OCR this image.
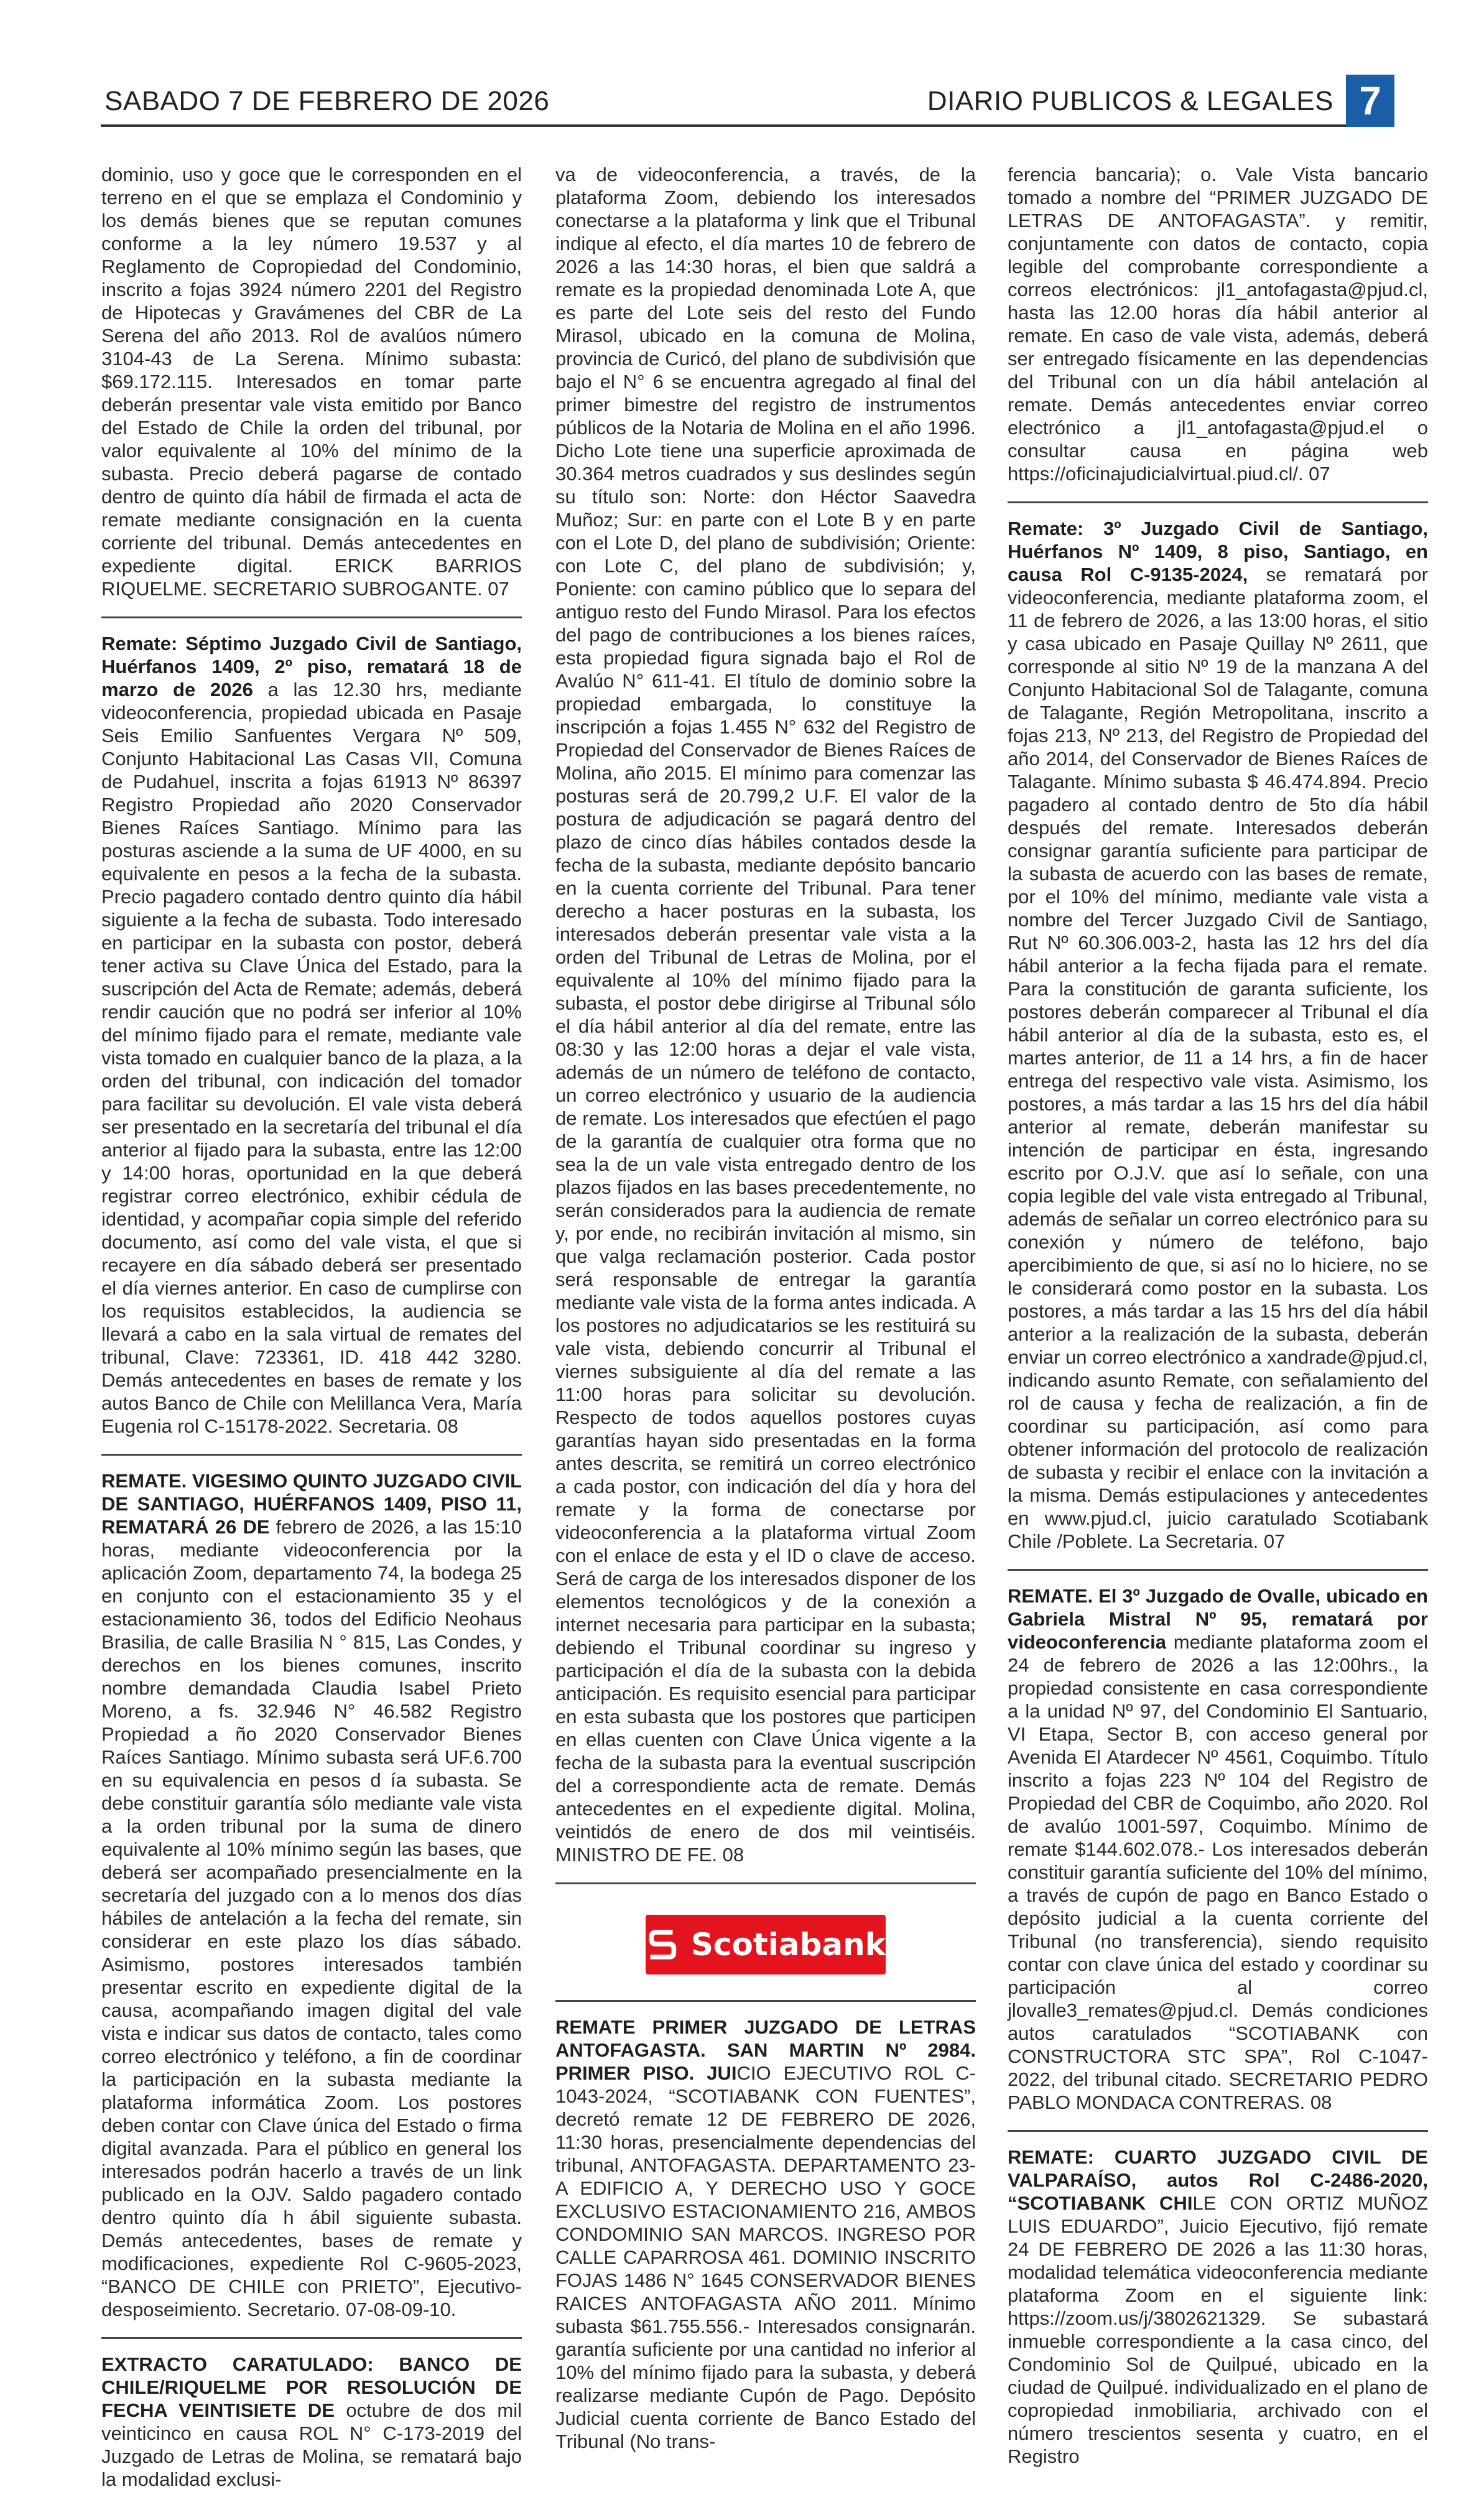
SABADO 7 DE FEBRERO DE 2026	DIARIO PUBLICOS & LEGALES 7

dominio, uso y goce que le corresponden en el terreno en el que se emplaza el Condominio y los demás bienes que se reputan comunes conforme a la ley número 19.537 y al Reglamento de Copropiedad del Condominio, inscrito a fojas 3924 número 2201 del Registro de Hipotecas y Gravámenes del CBR de La Serena del año 2013. Rol de avalúos número 3104-43 de La Serena. Mínimo subasta: $69.172.115. Interesados en tomar parte deberán presentar vale vista emitido por Banco del Estado de Chile la orden del tribunal, por valor equivalente al 10% del mínimo de la subasta. Precio deberá pagarse de contado dentro de quinto día hábil de firmada el acta de remate mediante consignación en la cuenta corriente del tribunal. Demás antecedentes en expediente digital. ERICK BARRIOS RIQUELME. SECRETARIO SUBROGANTE. 07

Remate: Séptimo Juzgado Civil de Santiago, Huérfanos 1409, 2º piso, rematará 18 de marzo de 2026 a las 12.30 hrs, mediante videoconferencia, propiedad ubicada en Pasaje Seis Emilio Sanfuentes Vergara Nº 509, Conjunto Habitacional Las Casas VII, Comuna de Pudahuel, inscrita a fojas 61913 Nº 86397 Registro Propiedad año 2020 Conservador Bienes Raíces Santiago. Mínimo para las posturas asciende a la suma de UF 4000, en su equivalente en pesos a la fecha de la subasta. Precio pagadero contado dentro quinto día hábil siguiente a la fecha de subasta. Todo interesado en participar en la subasta con postor, deberá tener activa su Clave Única del Estado, para la suscripción del Acta de Remate; además, deberá rendir caución que no podrá ser inferior al 10% del mínimo fijado para el remate, mediante vale vista tomado en cualquier banco de la plaza, a la orden del tribunal, con indicación del tomador para facilitar su devolución. El vale vista deberá ser presentado en la secretaría del tribunal el día anterior al fijado para la subasta, entre las 12:00 y 14:00 horas, oportunidad en la que deberá registrar correo electrónico, exhibir cédula de identidad, y acompañar copia simple del referido documento, así como del vale vista, el que si recayere en día sábado deberá ser presentado el día viernes anterior. En caso de cumplirse con los requisitos establecidos, la audiencia se llevará a cabo en la sala virtual de remates del tribunal, Clave: 723361, ID. 418 442 3280. Demás antecedentes en bases de remate y los autos Banco de Chile con Melillanca Vera, María Eugenia rol C-15178-2022. Secretaria. 08

REMATE. VIGESIMO QUINTO JUZGADO CIVIL DE SANTIAGO, HUÉRFANOS 1409, PISO 11, REMATARÁ 26 DE febrero de 2026, a las 15:10 horas, mediante videoconferencia por la aplicación Zoom, departamento 74, la bodega 25 en conjunto con el estacionamiento 35 y el estacionamiento 36, todos del Edificio Neohaus Brasilia, de calle Brasilia N ° 815, Las Condes, y derechos en los bienes comunes, inscrito nombre demandada Claudia Isabel Prieto Moreno, a fs. 32.946 N° 46.582 Registro Propiedad a ño 2020 Conservador Bienes Raíces Santiago. Mínimo subasta será UF.6.700 en su equivalencia en pesos d ía subasta. Se debe constituir garantía sólo mediante vale vista a la orden tribunal por la suma de dinero equivalente al 10% mínimo según las bases, que deberá ser acompañado presencialmente en la secretaría del juzgado con a lo menos dos días hábiles de antelación a la fecha del remate, sin considerar en este plazo los días sábado. Asimismo, postores interesados también presentar escrito en expediente digital de la causa, acompañando imagen digital del vale vista e indicar sus datos de contacto, tales como correo electrónico y teléfono, a fin de coordinar la participación en la subasta mediante la plataforma informática Zoom. Los postores deben contar con Clave única del Estado o firma digital avanzada. Para el público en general los interesados podrán hacerlo a través de un link publicado en la OJV. Saldo pagadero contado dentro quinto día h ábil siguiente subasta. Demás antecedentes, bases de remate y modificaciones, expediente Rol C-9605-2023, “BANCO DE CHILE con PRIETO”, Ejecutivo-desposeimiento. Secretario. 07-08-09-10.

EXTRACTO CARATULADO: BANCO DE CHILE/RIQUELME POR RESOLUCIÓN DE FECHA VEINTISIETE DE octubre de dos mil veinticinco en causa ROL N° C-173-2019 del Juzgado de Letras de Molina, se rematará bajo la modalidad exclusi-

va de videoconferencia, a través, de la plataforma Zoom, debiendo los interesados conectarse a la plataforma y link que el Tribunal indique al efecto, el día martes 10 de febrero de 2026 a las 14:30 horas, el bien que saldrá a remate es la propiedad denominada Lote A, que es parte del Lote seis del resto del Fundo Mirasol, ubicado en la comuna de Molina, provincia de Curicó, del plano de subdivisión que bajo el N° 6 se encuentra agregado al final del primer bimestre del registro de instrumentos públicos de la Notaria de Molina en el año 1996. Dicho Lote tiene una superficie aproximada de 30.364 metros cuadrados y sus deslindes según su título son: Norte: don Héctor Saavedra Muñoz; Sur: en parte con el Lote B y en parte con el Lote D, del plano de subdivisión; Oriente: con Lote C, del plano de subdivisión; y, Poniente: con camino público que lo separa del antiguo resto del Fundo Mirasol. Para los efectos del pago de contribuciones a los bienes raíces, esta propiedad figura signada bajo el Rol de Avalúo N° 611-41. El título de dominio sobre la propiedad embargada, lo constituye la inscripción a fojas 1.455 N° 632 del Registro de Propiedad del Conservador de Bienes Raíces de Molina, año 2015. El mínimo para comenzar las posturas será de 20.799,2 U.F. El valor de la postura de adjudicación se pagará dentro del plazo de cinco días hábiles contados desde la fecha de la subasta, mediante depósito bancario en la cuenta corriente del Tribunal. Para tener derecho a hacer posturas en la subasta, los interesados deberán presentar vale vista a la orden del Tribunal de Letras de Molina, por el equivalente al 10% del mínimo fijado para la subasta, el postor debe dirigirse al Tribunal sólo el día hábil anterior al día del remate, entre las 08:30 y las 12:00 horas a dejar el vale vista, además de un número de teléfono de contacto, un correo electrónico y usuario de la audiencia de remate. Los interesados que efectúen el pago de la garantía de cualquier otra forma que no sea la de un vale vista entregado dentro de los plazos fijados en las bases precedentemente, no serán considerados para la audiencia de remate y, por ende, no recibirán invitación al mismo, sin que valga reclamación posterior. Cada postor será responsable de entregar la garantía mediante vale vista de la forma antes indicada. A los postores no adjudicatarios se les restituirá su vale vista, debiendo concurrir al Tribunal el viernes subsiguiente al día del remate a las 11:00 horas para solicitar su devolución. Respecto de todos aquellos postores cuyas garantías hayan sido presentadas en la forma antes descrita, se remitirá un correo electrónico a cada postor, con indicación del día y hora del remate y la forma de conectarse por videoconferencia a la plataforma virtual Zoom con el enlace de esta y el ID o clave de acceso. Será de carga de los interesados disponer de los elementos tecnológicos y de la conexión a internet necesaria para participar en la subasta; debiendo el Tribunal coordinar su ingreso y participación el día de la subasta con la debida anticipación. Es requisito esencial para participar en esta subasta que los postores que participen en ellas cuenten con Clave Única vigente a la fecha de la subasta para la eventual suscripción del a correspondiente acta de remate. Demás antecedentes en el expediente digital. Molina, veintidós de enero de dos mil veintiséis. MINISTRO DE FE. 08

Scotiabank

REMATE PRIMER JUZGADO DE LETRAS ANTOFAGASTA. SAN MARTIN Nº 2984. PRIMER PISO. JUICIO EJECUTIVO ROL C-1043-2024, “SCOTIABANK CON FUENTES”, decretó remate 12 DE FEBRERO DE 2026, 11:30 horas, presencialmente dependencias del tribunal, ANTOFAGASTA. DEPARTAMENTO 23-A EDIFICIO A, Y DERECHO USO Y GOCE EXCLUSIVO ESTACIONAMIENTO 216, AMBOS CONDOMINIO SAN MARCOS. INGRESO POR CALLE CAPARROSA 461. DOMINIO INSCRITO FOJAS 1486 N° 1645 CONSERVADOR BIENES RAICES ANTOFAGASTA AÑO 2011. Mínimo subasta $61.755.556.- Interesados consignarán. garantía suficiente por una cantidad no inferior al 10% del mínimo fijado para la subasta, y deberá realizarse mediante Cupón de Pago. Depósito Judicial cuenta corriente de Banco Estado del Tribunal (No trans-

ferencia bancaria); o. Vale Vista bancario tomado a nombre del “PRIMER JUZGADO DE LETRAS DE ANTOFAGASTA”. y remitir, conjuntamente con datos de contacto, copia legible del comprobante correspondiente a correos electrónicos: jl1_antofagasta@pjud.cl, hasta las 12.00 horas día hábil anterior al remate. En caso de vale vista, además, deberá ser entregado físicamente en las dependencias del Tribunal con un día hábil antelación al remate. Demás antecedentes enviar correo electrónico a jl1_antofagasta@pjud.el o consultar causa en página web https://oficinajudicialvirtual.piud.cl/. 07

Remate: 3º Juzgado Civil de Santiago, Huérfanos Nº 1409, 8 piso, Santiago, en causa Rol C-9135-2024, se rematará por videoconferencia, mediante plataforma zoom, el 11 de febrero de 2026, a las 13:00 horas, el sitio y casa ubicado en Pasaje Quillay Nº 2611, que corresponde al sitio Nº 19 de la manzana A del Conjunto Habitacional Sol de Talagante, comuna de Talagante, Región Metropolitana, inscrito a fojas 213, Nº 213, del Registro de Propiedad del año 2014, del Conservador de Bienes Raíces de Talagante. Mínimo subasta $ 46.474.894. Precio pagadero al contado dentro de 5to día hábil después del remate. Interesados deberán consignar garantía suficiente para participar de la subasta de acuerdo con las bases de remate, por el 10% del mínimo, mediante vale vista a nombre del Tercer Juzgado Civil de Santiago, Rut Nº 60.306.003-2, hasta las 12 hrs del día hábil anterior a la fecha fijada para el remate. Para la constitución de garanta suficiente, los postores deberán comparecer al Tribunal el día hábil anterior al día de la subasta, esto es, el martes anterior, de 11 a 14 hrs, a fin de hacer entrega del respectivo vale vista. Asimismo, los postores, a más tardar a las 15 hrs del día hábil anterior al remate, deberán manifestar su intención de participar en ésta, ingresando escrito por O.J.V. que así lo señale, con una copia legible del vale vista entregado al Tribunal, además de señalar un correo electrónico para su conexión y número de teléfono, bajo apercibimiento de que, si así no lo hiciere, no se le considerará como postor en la subasta. Los postores, a más tardar a las 15 hrs del día hábil anterior a la realización de la subasta, deberán enviar un correo electrónico a xandrade@pjud.cl, indicando asunto Remate, con señalamiento del rol de causa y fecha de realización, a fin de coordinar su participación, así como para obtener información del protocolo de realización de subasta y recibir el enlace con la invitación a la misma. Demás estipulaciones y antecedentes en www.pjud.cl, juicio caratulado Scotiabank Chile /Poblete. La Secretaria. 07

REMATE. El 3º Juzgado de Ovalle, ubicado en Gabriela Mistral Nº 95, rematará por videoconferencia mediante plataforma zoom el 24 de febrero de 2026 a las 12:00hrs., la propiedad consistente en casa correspondiente a la unidad Nº 97, del Condominio El Santuario, VI Etapa, Sector B, con acceso general por Avenida El Atardecer Nº 4561, Coquimbo. Título inscrito a fojas 223 Nº 104 del Registro de Propiedad del CBR de Coquimbo, año 2020. Rol de avalúo 1001-597, Coquimbo. Mínimo de remate $144.602.078.- Los interesados deberán constituir garantía suficiente del 10% del mínimo, a través de cupón de pago en Banco Estado o depósito judicial a la cuenta corriente del Tribunal (no transferencia), siendo requisito contar con clave única del estado y coordinar su participación al correo jlovalle3_remates@pjud.cl. Demás condiciones autos caratulados “SCOTIABANK con CONSTRUCTORA STC SPA”, Rol C-1047- 2022, del tribunal citado. SECRETARIO PEDRO PABLO MONDACA CONTRERAS. 08

REMATE: CUARTO JUZGADO CIVIL DE VALPARAÍSO, autos Rol C-2486-2020, “SCOTIABANK CHILE CON ORTIZ MUÑOZ LUIS EDUARDO”, Juicio Ejecutivo, fijó remate 24 DE FEBRERO DE 2026 a las 11:30 horas, modalidad telemática videoconferencia mediante plataforma Zoom en el siguiente link: https://zoom.us/j/3802621329. Se subastará inmueble correspondiente a la casa cinco, del Condominio Sol de Quilpué, ubicado en la ciudad de Quilpué. individualizado en el plano de copropiedad inmobiliaria, archivado con el número trescientos sesenta y cuatro, en el Registro
